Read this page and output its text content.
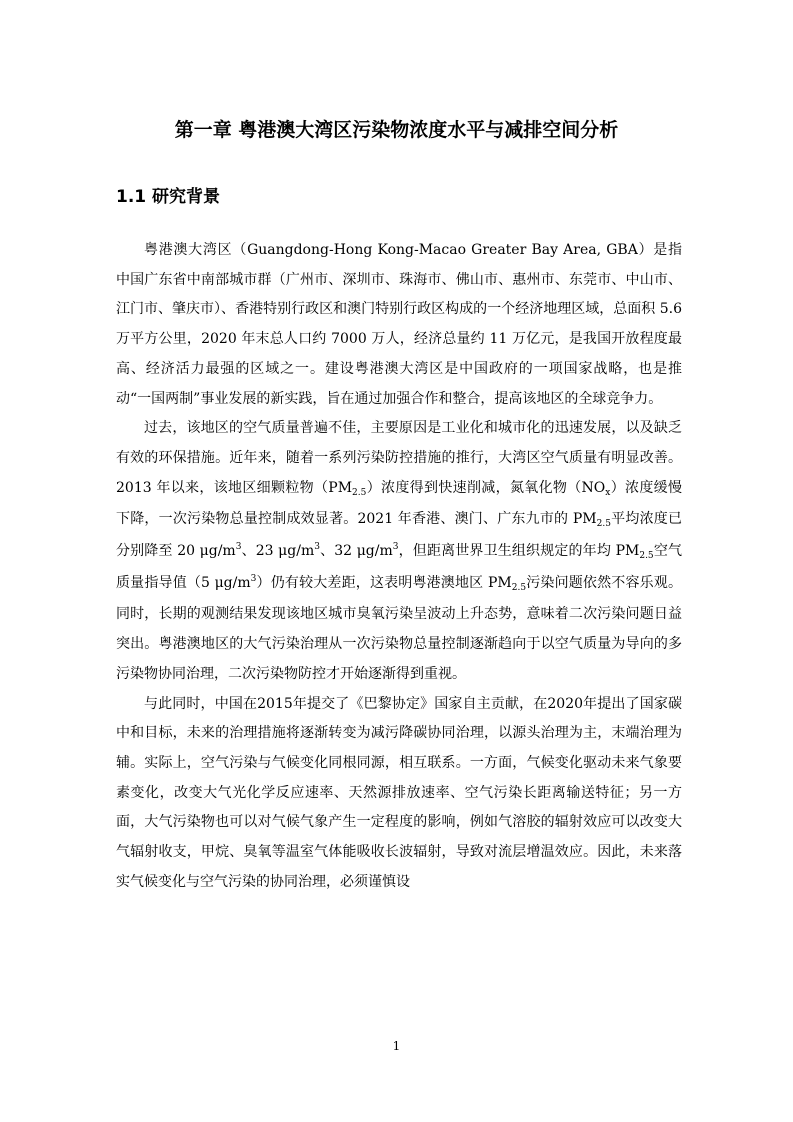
第一章 粤港澳大湾区污染物浓度水平与减排空间分析
1.1 研究背景

粤港澳大湾区（Guangdong-Hong Kong-Macao Greater Bay Area, GBA）是指中国广东省中南部城市群（广州市、深圳市、珠海市、佛山市、惠州市、东莞市、中山市、江门市、肇庆市）、香港特别行政区和澳门特别行政区构成的一个经济地理区域，总面积 5.6 万平方公里，2020 年末总人口约 7000 万人，经济总量约 11 万亿元，是我国开放程度最高、经济活力最强的区域之一。建设粤港澳大湾区是中国政府的一项国家战略，也是推动“一国两制”事业发展的新实践，旨在通过加强合作和整合，提高该地区的全球竞争力。

过去，该地区的空气质量普遍不佳，主要原因是工业化和城市化的迅速发展，以及缺乏有效的环保措施。近年来，随着一系列污染防控措施的推行，大湾区空气质量有明显改善。2013 年以来，该地区细颗粒物$(PM_{2.5})$浓度得到快速削减，氮氧化物$(NO_x)$浓度缓慢下降，一次污染物总量控制成效显著。2021 年香港、澳门、广东九市的 $PM_{2.5}$平均浓度已分别降至 20 $\mu g/m^3$、23 $\mu g/m^3$、32 $\mu g/m^3$，但距离世界卫生组织规定的年均 $PM_{2.5}$空气质量指导值（5 $\mu g/m^3$）仍有较大差距，这表明粤港澳地区 $PM_{2.5}$污染问题依然不容乐观。同时，长期的观测结果发现该地区城市臭氧污染呈波动上升态势，意味着二次污染问题日益突出。粤港澳地区的大气污染治理从一次污染物总量控制逐渐趋向于以空气质量为导向的多污染物协同治理，二次污染物防控才开始逐渐得到重视。

与此同时，中国在2015年提交了《巴黎协定》国家自主贡献，在2020年提出了国家碳中和目标，未来的治理措施将逐渐转变为减污降碳协同治理，以源头治理为主，末端治理为辅。实际上，空气污染与气候变化同根同源，相互联系。一方面，气候变化驱动未来气象要素变化，改变大气光化学反应速率、天然源排放速率、空气污染长距离输送特征；另一方面，大气污染物也可以对气候气象产生一定程度的影响，例如气溶胶的辐射效应可以改变大气辐射收支，甲烷、臭氧等温室气体能吸收长波辐射，导致对流层增温效应。因此，未来落实气候变化与空气污染的协同治理，必须谨慎设

1
